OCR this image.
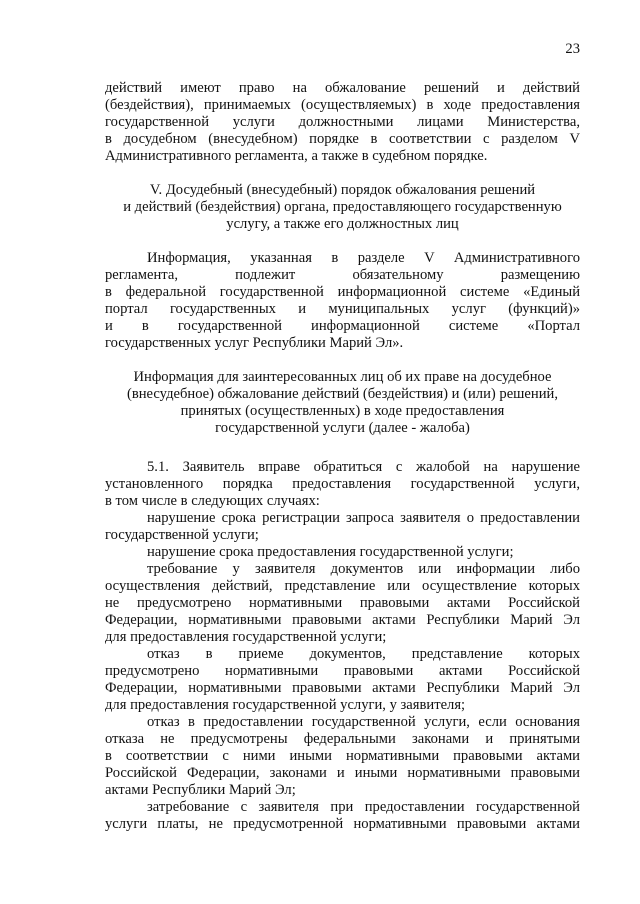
23
действий имеют право на обжалование решений и действий
(бездействия), принимаемых (осуществляемых) в ходе предоставления
государственной услуги должностными лицами Министерства,
в досудебном (внесудебном) порядке в соответствии с разделом V
Административного регламента, а также в судебном порядке.
V. Досудебный (внесудебный) порядок обжалования решений
и действий (бездействия) органа, предоставляющего государственную
услугу, а также его должностных лиц
Информация, указанная в разделе V Административного
регламента, подлежит обязательному размещению
в федеральной государственной информационной системе «Единый
портал государственных и муниципальных услуг (функций)»
и в государственной информационной системе «Портал
государственных услуг Республики Марий Эл».
Информация для заинтересованных лиц об их праве на досудебное
(внесудебное) обжалование действий (бездействия) и (или) решений,
принятых (осуществленных) в ходе предоставления
государственной услуги (далее - жалоба)
5.1. Заявитель вправе обратиться с жалобой на нарушение
установленного порядка предоставления государственной услуги,
в том числе в следующих случаях:
нарушение срока регистрации запроса заявителя о предоставлении
государственной услуги;
нарушение срока предоставления государственной услуги;
требование у заявителя документов или информации либо
осуществления действий, представление или осуществление которых
не предусмотрено нормативными правовыми актами Российской
Федерации, нормативными правовыми актами Республики Марий Эл
для предоставления государственной услуги;
отказ в приеме документов, представление которых
предусмотрено нормативными правовыми актами Российской
Федерации, нормативными правовыми актами Республики Марий Эл
для предоставления государственной услуги, у заявителя;
отказ в предоставлении государственной услуги, если основания
отказа не предусмотрены федеральными законами и принятыми
в соответствии с ними иными нормативными правовыми актами
Российской Федерации, законами и иными нормативными правовыми
актами Республики Марий Эл;
затребование с заявителя при предоставлении государственной
услуги платы, не предусмотренной нормативными правовыми актами
